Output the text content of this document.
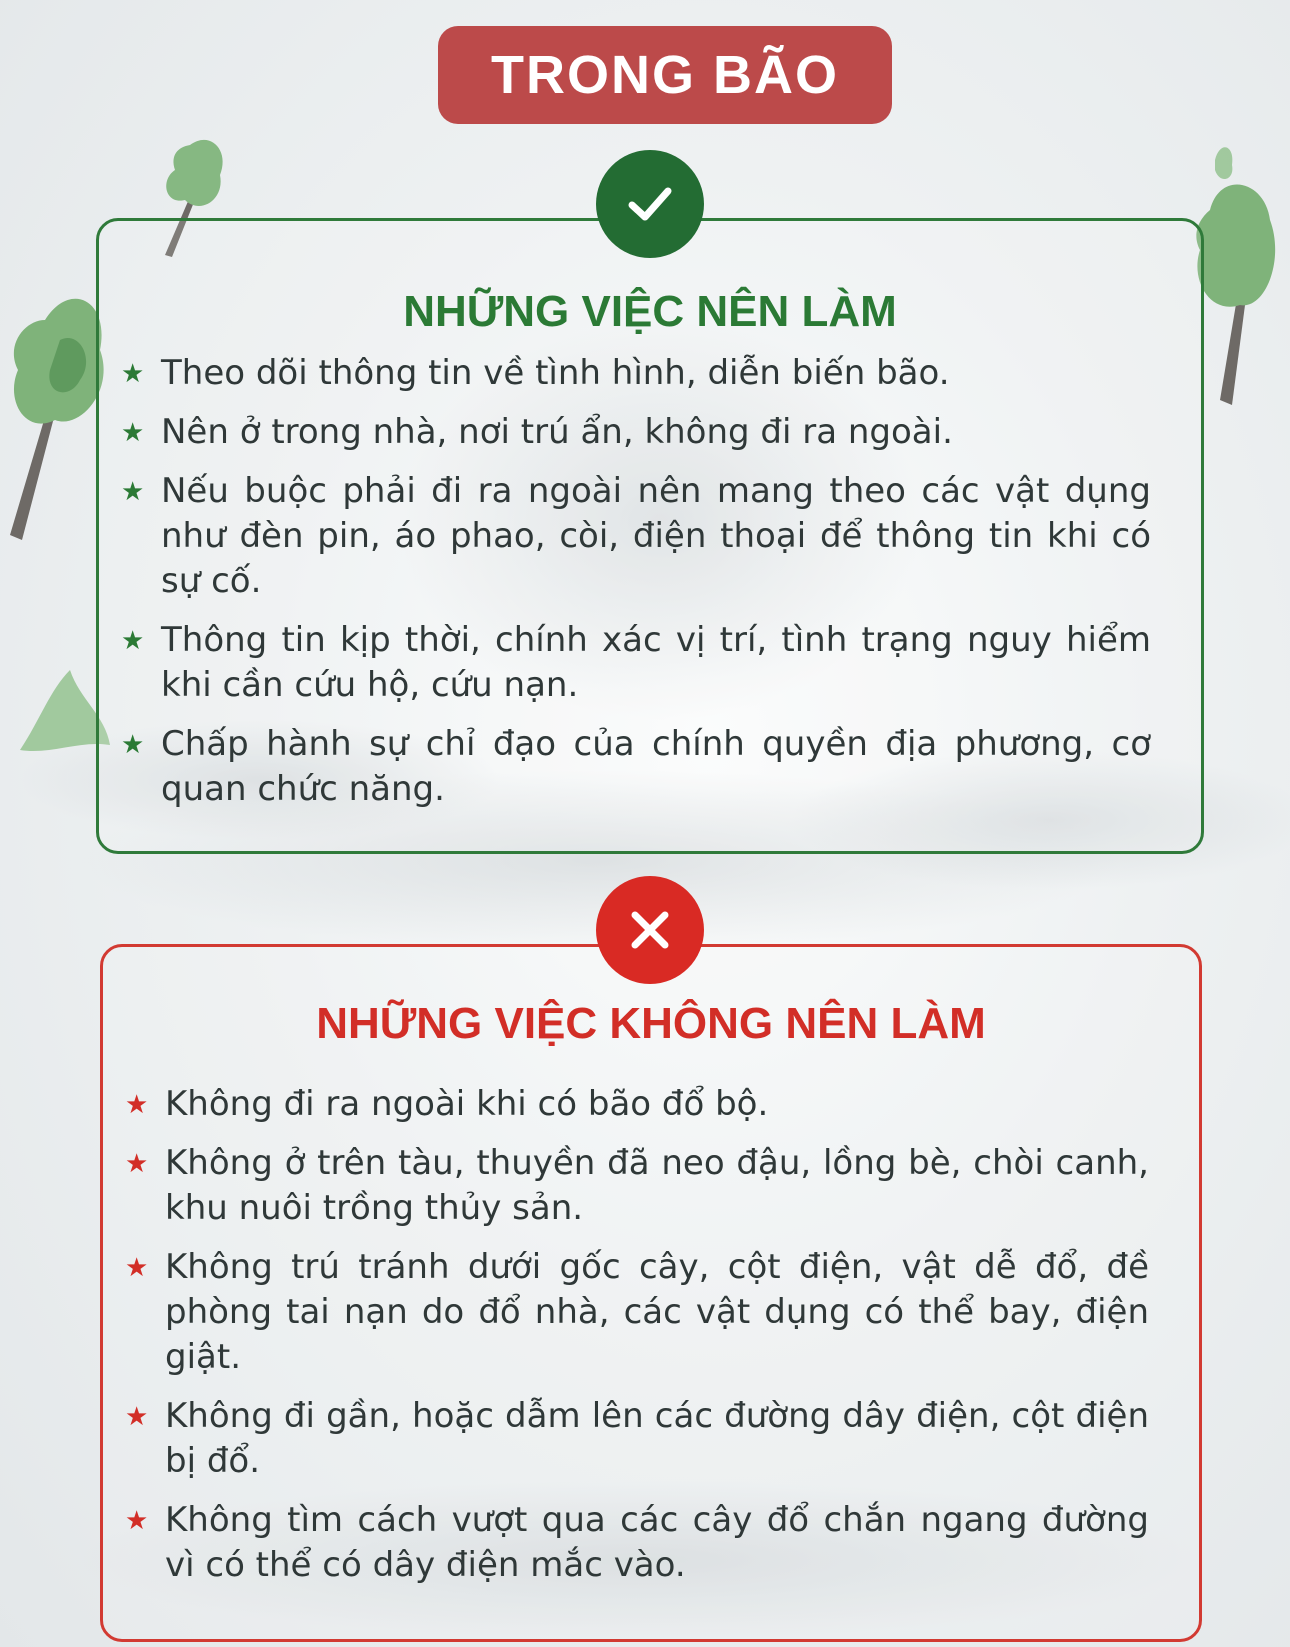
TRONG BÃO
NHỮNG VIỆC NÊN LÀM
★ Theo dõi thông tin về tình hình, diễn biến bão.
★ Nên ở trong nhà, nơi trú ẩn, không đi ra ngoài.
★ Nếu buộc phải đi ra ngoài nên mang theo các vật dụng như đèn pin, áo phao, còi, điện thoại để thông tin khi có sự cố.
★ Thông tin kịp thời, chính xác vị trí, tình trạng nguy hiểm khi cần cứu hộ, cứu nạn.
★ Chấp hành sự chỉ đạo của chính quyền địa phương, cơ quan chức năng.
NHỮNG VIỆC KHÔNG NÊN LÀM
★ Không đi ra ngoài khi có bão đổ bộ.
★ Không ở trên tàu, thuyền đã neo đậu, lồng bè, chòi canh, khu nuôi trồng thủy sản.
★ Không trú tránh dưới gốc cây, cột điện, vật dễ đổ, đề phòng tai nạn do đổ nhà, các vật dụng có thể bay, điện giật.
★ Không đi gần, hoặc dẫm lên các đường dây điện, cột điện bị đổ.
★ Không tìm cách vượt qua các cây đổ chắn ngang đường vì có thể có dây điện mắc vào.
